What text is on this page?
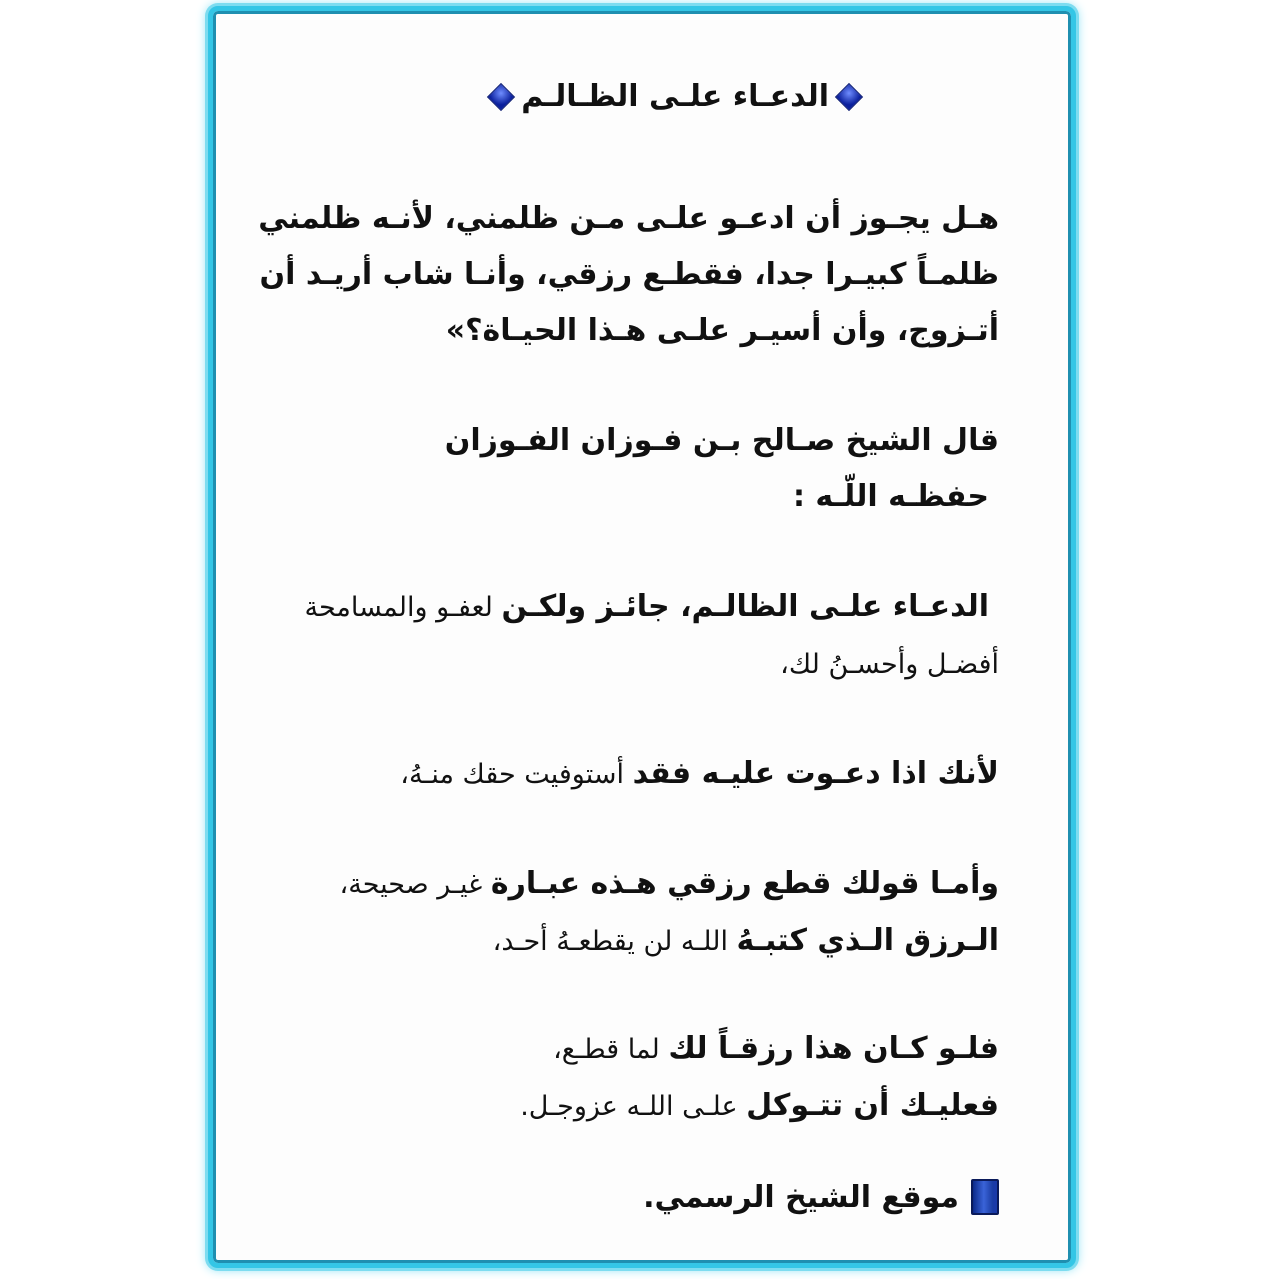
الدعـاء علـى الظـالـم
هـل يجـوز أن ادعـو علـى مـن ظلمني، لأنـه ظلمني
ظلمـاً كبيـرا جدا، فقطـع رزقي، وأنـا شاب أريـد أن
أتـزوج، وأن أسيـر علـى هـذا الحيـاة؟»
قال الشيخ صـالح بـن فـوزان الفـوزان
حفظـه اللّـه :
الدعـاء علـى الظالـم، جائـز ولكـن لعفـو والمسامحة
أفضـل وأحسـنُ لك،
لأنك اذا دعـوت عليـه فقد أستوفيت حقك منـهُ،
وأمـا قولك قطع رزقي هـذه عبـارة غيـر صحيحة،
الـرزق الـذي كتبـهُ اللـه لن يقطعـهُ أحـد،
فلـو كـان هذا رزقـاً لك لما قطـع،
فعليـك أن تتـوكل علـى اللـه عزوجـل.
موقع الشيخ الرسمي.
